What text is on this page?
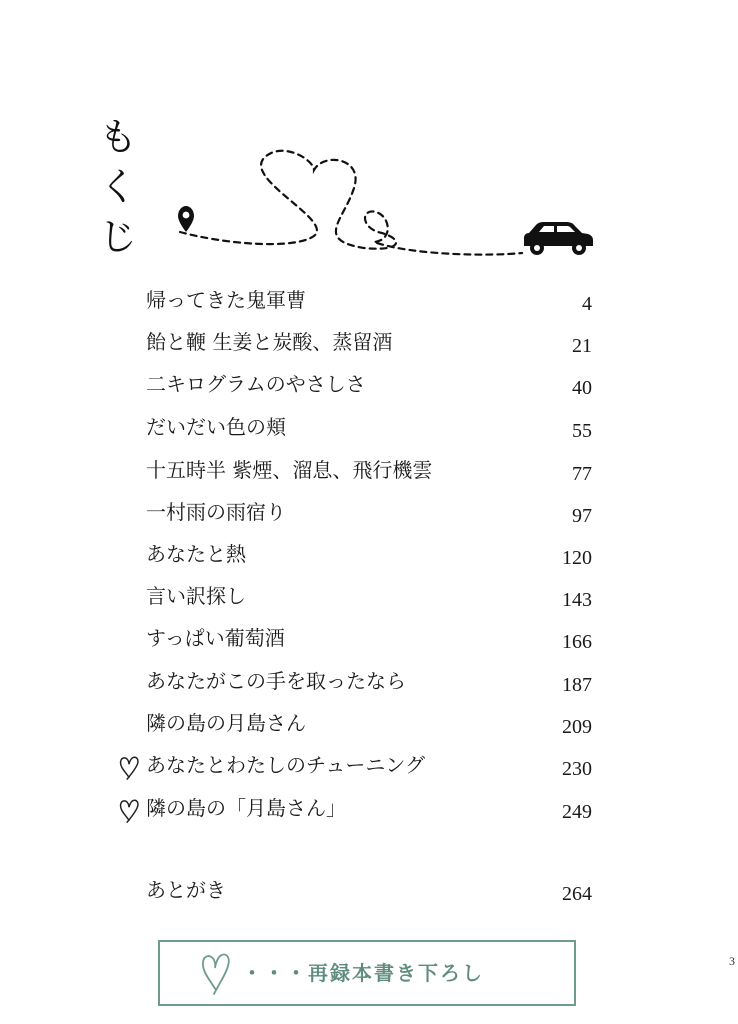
も
く
じ
帰ってきた鬼軍曹	4
飴と鞭 生姜と炭酸、蒸留酒	21
二キログラムのやさしさ	40
だいだい色の頬	55
十五時半 紫煙、溜息、飛行機雲	77
一村雨の雨宿り	97
あなたと熱	120
言い訳探し	143
すっぱい葡萄酒	166
あなたがこの手を取ったなら	187
隣の島の月島さん	209
あなたとわたしのチューニング	230
隣の島の「月島さん」	249
あとがき	264
・・・再録本書き下ろし	3
